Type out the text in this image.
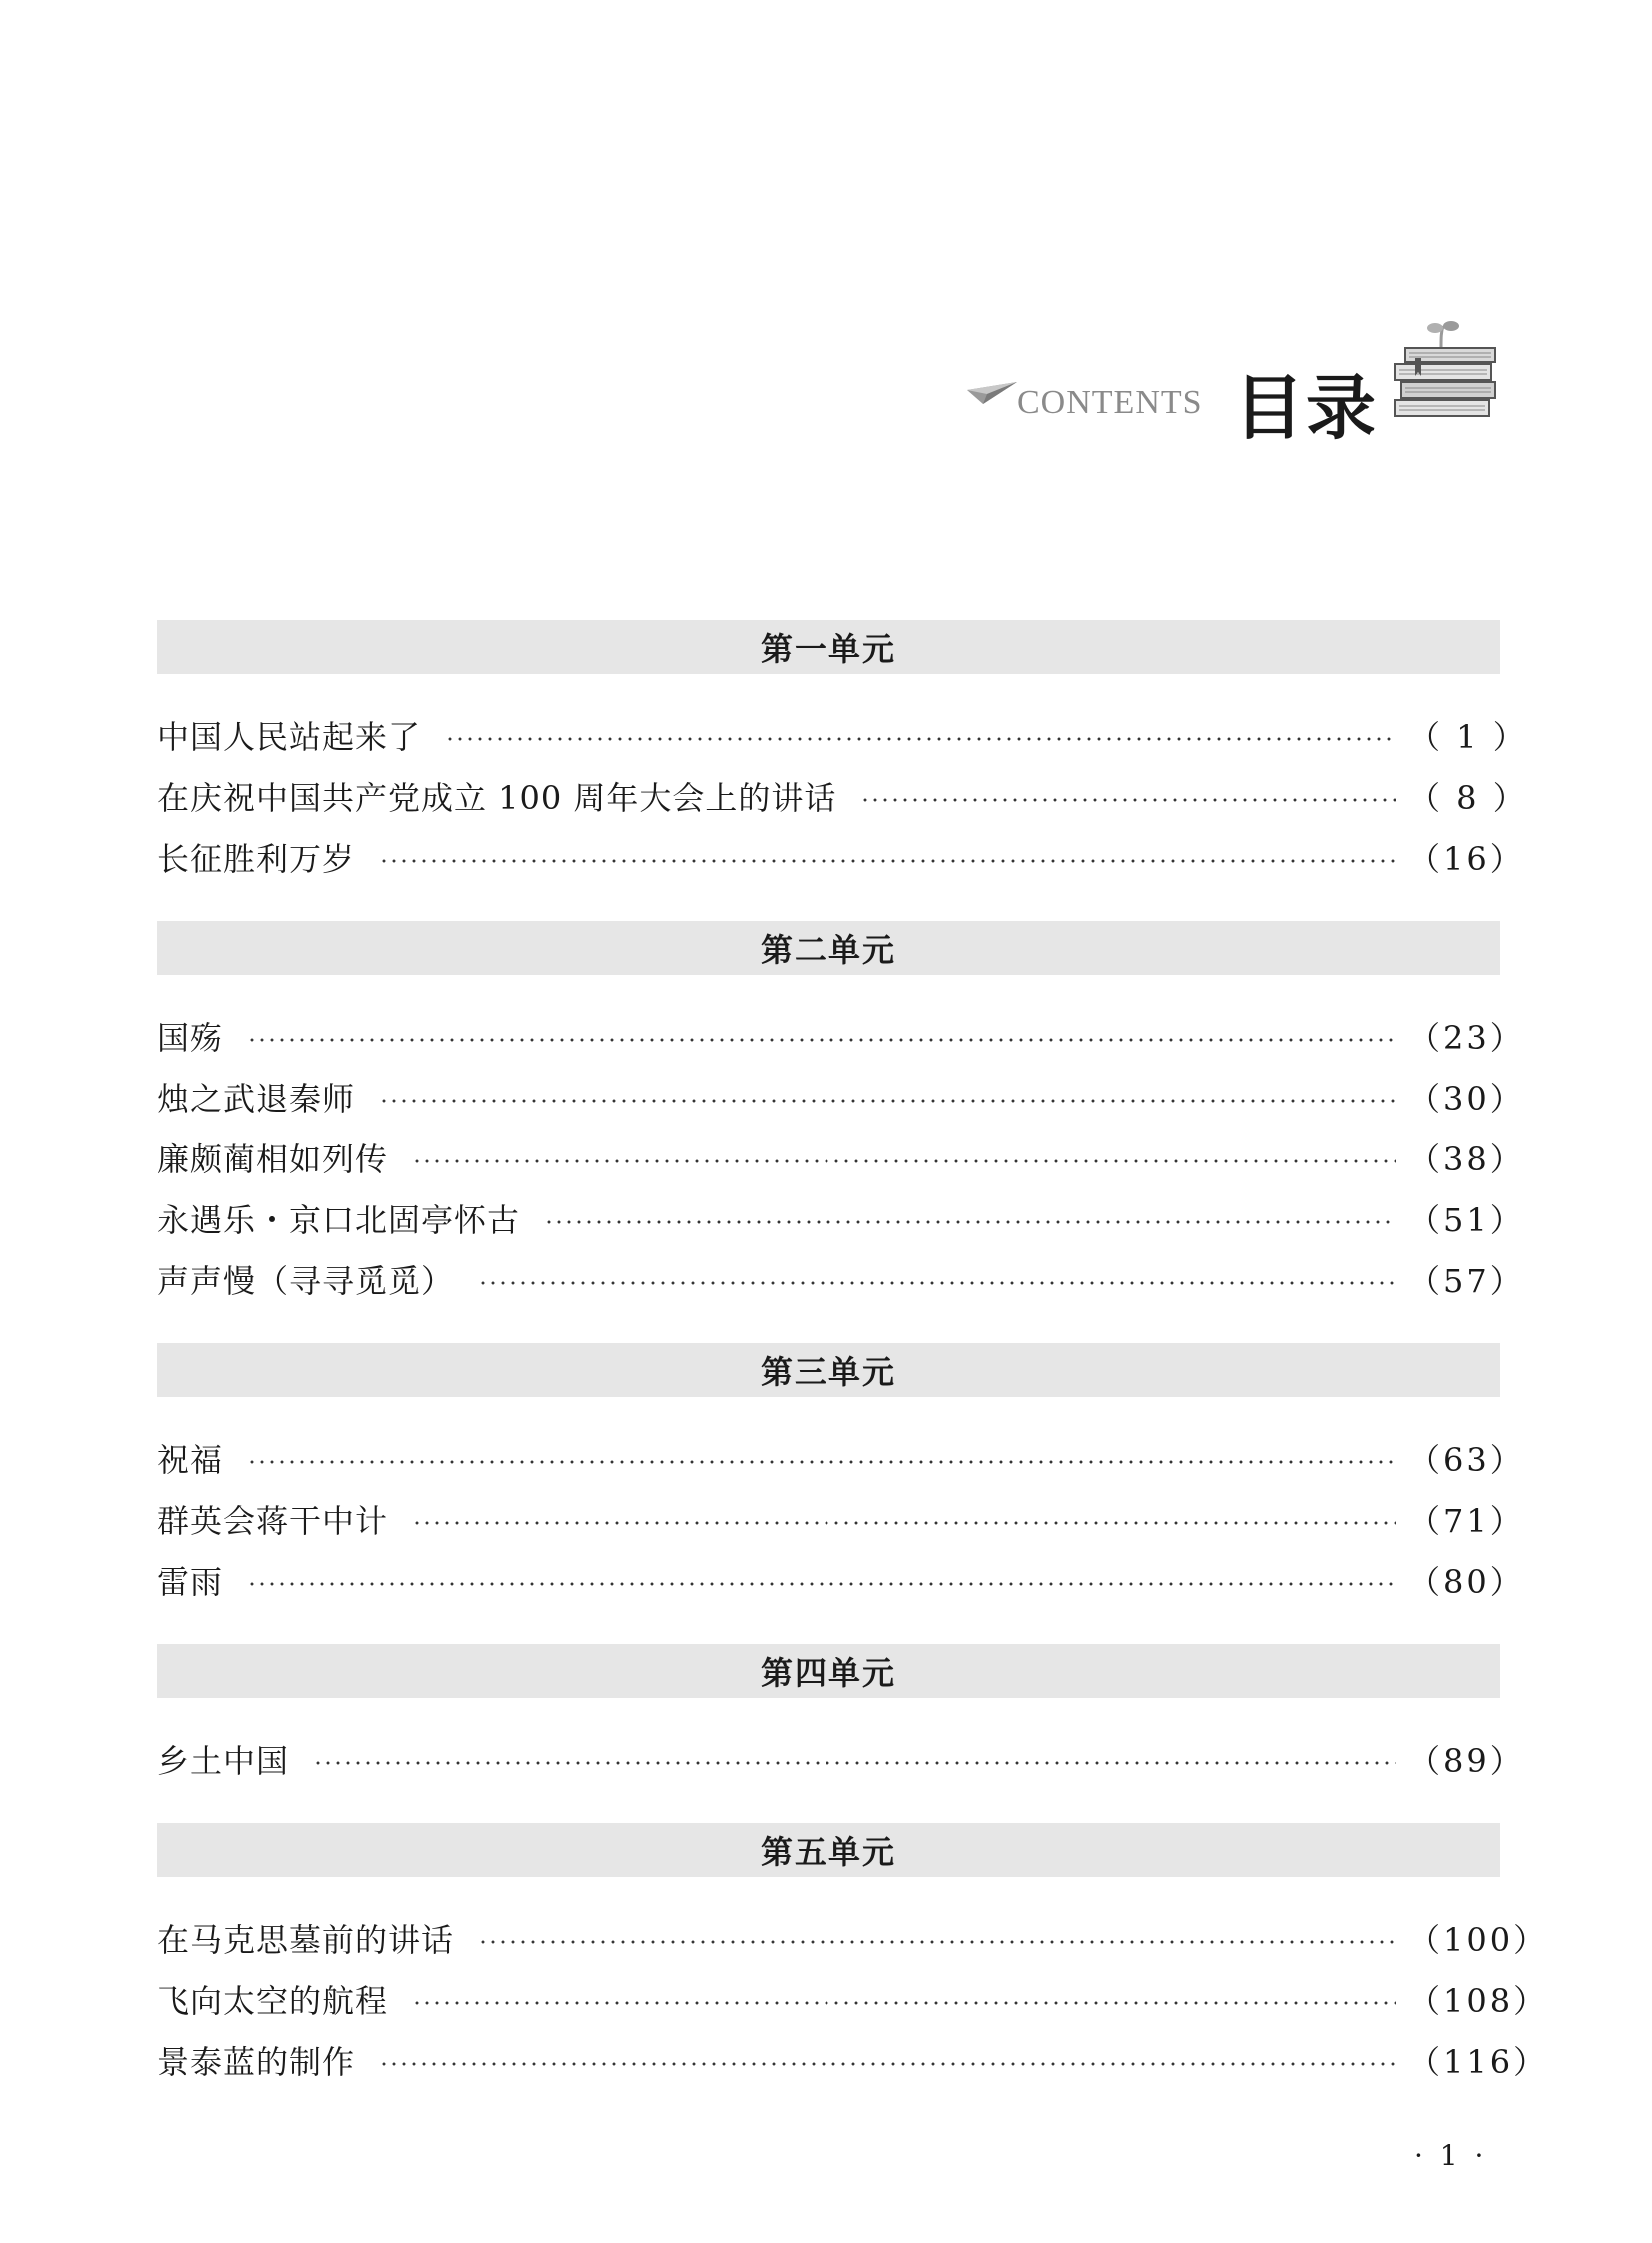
CONTENTS 目录
第一单元
中国人民站起来了	（ 1 ）
在庆祝中国共产党成立 100 周年大会上的讲话	（ 8 ）
长征胜利万岁	（16）
第二单元
国殇	（23）
烛之武退秦师	（30）
廉颇蔺相如列传	（38）
永遇乐・京口北固亭怀古	（51）
声声慢（寻寻觅觅）	（57）
第三单元
祝福	（63）
群英会蒋干中计	（71）
雷雨	（80）
第四单元
乡土中国	（89）
第五单元
在马克思墓前的讲话	（100）
飞向太空的航程	（108）
景泰蓝的制作	（116）
· 1 ·
